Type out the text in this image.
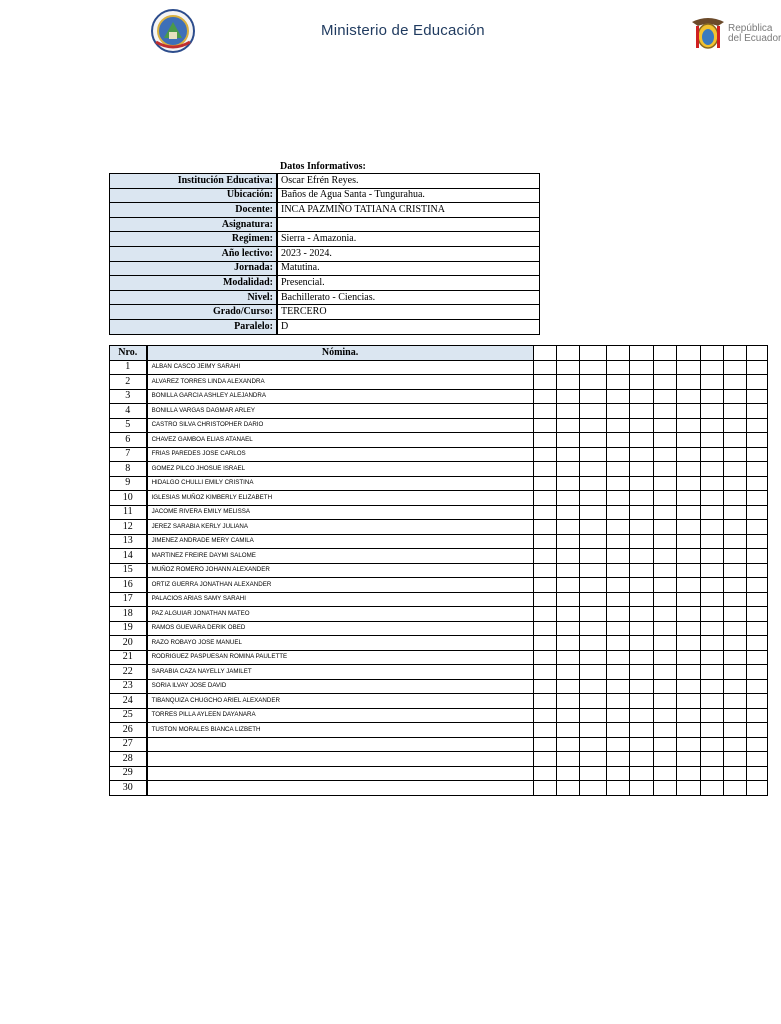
Ministerio de Educación	República
del Ecuador
Datos Informativos:
Institución Educativa:	Oscar Efrén Reyes.
Ubicación:	Baños de Agua Santa - Tungurahua.
Docente:	INCA PAZMIÑO TATIANA CRISTINA
Asignatura:	
Regimen:	Sierra - Amazonia.
Año lectivo:	2023 - 2024.
Jornada:	Matutina.
Modalidad:	Presencial.
Nivel:	Bachillerato - Ciencias.
Grado/Curso:	TERCERO
Paralelo:	D
Nro.	Nómina.										
1	ALBAN CASCO JEIMY SARAHI										
2	ALVAREZ TORRES LINDA ALEXANDRA										
3	BONILLA GARCIA ASHLEY ALEJANDRA										
4	BONILLA VARGAS DAGMAR ARLEY										
5	CASTRO SILVA CHRISTOPHER DARIO										
6	CHAVEZ GAMBOA ELIAS ATANAEL										
7	FRIAS PAREDES JOSE CARLOS										
8	GOMEZ PILCO JHOSUE ISRAEL										
9	HIDALGO CHULLI EMILY CRISTINA										
10	IGLESIAS MUÑOZ KIMBERLY ELIZABETH										
11	JACOME RIVERA EMILY MELISSA										
12	JEREZ SARABIA KERLY JULIANA										
13	JIMENEZ ANDRADE MERY CAMILA										
14	MARTINEZ FREIRE DAYMI SALOME										
15	MUÑOZ ROMERO JOHANN ALEXANDER										
16	ORTIZ GUERRA JONATHAN ALEXANDER										
17	PALACIOS ARIAS SAMY SARAHI										
18	PAZ ALGUIAR JONATHAN MATEO										
19	RAMOS GUEVARA DERIK OBED										
20	RAZO ROBAYO JOSE MANUEL										
21	RODRIGUEZ PASPUESAN ROMINA PAULETTE										
22	SARABIA CAZA NAYELLY JAMILET										
23	SORIA ILVAY JOSE DAVID										
24	TIBANQUIZA CHUGCHO ARIEL ALEXANDER										
25	TORRES PILLA AYLEEN DAYANARA										
26	TUSTON MORALES BIANCA LIZBETH										
27											
28											
29											
30											
